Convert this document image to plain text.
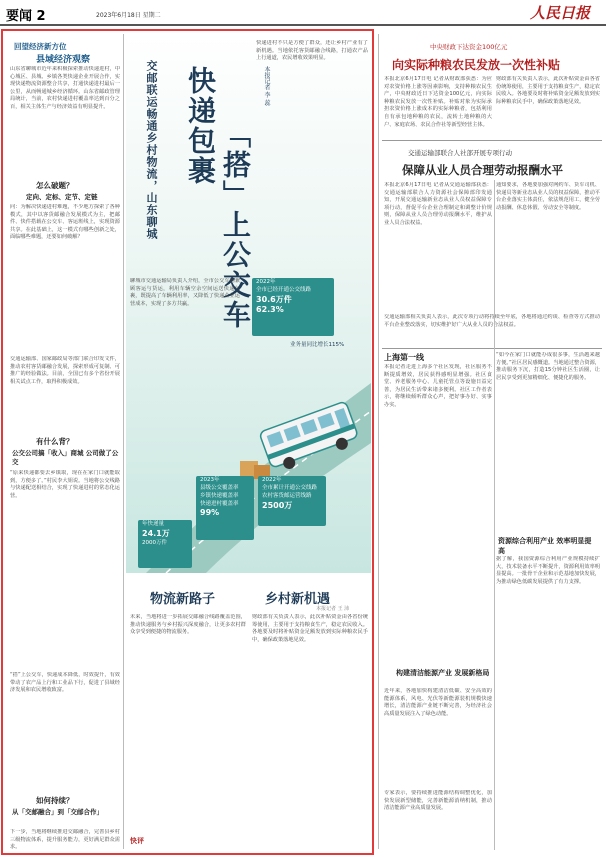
要闻 2	2023年6月18日 星期二	人民日报
回望经济新方位
县域经济观察
山东省聊城市近年来积极探索推动快递进村，中心城区、县城、乡镇各类快递企业开展合作，实现快递物流资源整合共享，打通快递进村最后一公里，从而畅通城乡经济循环。山东省邮政管理局统计，当前，农村快递进村覆盖率达到百分之百，相关主体生产与经济效益有明显提升。
怎么破题？
定向、定标、定节、定链
问：为解决快递进村难题，不少地方探索了各种模式，其中以客货邮融合发展模式为主，把邮件、快件搭载在公交车、客运班线上，实现资源共享。在此基础上，这一模式有哪些创新之处，面临哪些难题，还要如何破解？
交通运输部、国家邮政局等部门联合印发文件，推动农村客货邮融合发展，探索形成可复制、可推广的经验做法。目前，全国已有多个省份开展相关试点工作，取得积极成效。
有什么背？
公交公司搞「收入」商城 公司做了公交
“原来快递都要去乡镇取，现在在家门口就能取到，方便多了。”村民李大姐说。当地将公交线路与快递配送相结合，实现了快递进村的常态化运营。
“搭”上公交车，快递成本降低，时效提升，有效带动了农产品上行和工业品下行，促进了县域经济发展和农民增收致富。
如何持续？
从「交邮融合」到「交邮合作」
下一步，当地将继续推进交邮融合，完善县乡村三级物流体系，提升服务能力，更好满足群众需求。
快递包裹 「搭」上公交车
交邮联运畅通乡村物流，山东聊城	本报记者 李 蕊
快递进村不只是方便了群众，还让乡村产业有了新机遇。当地依托客货邮融合线路，打通农产品上行通道，农民增收效果明显。
聊城市交通运输局负责人介绍，全市公交车辆兼顾客运与货运，利用车辆空余空间运送快递包裹，既提高了车辆利用率，又降低了快递企业运营成本，实现了多方共赢。
2022年
全市已经开通公交线路
30.6万件
62.3%
业务量同比增长115%
2023年
县级公交覆盖率
乡镇快递覆盖率
快递进村覆盖率
99%
2022年
全市累计开通公交线路
农村客货邮运营线路
2500万
年快递量
24.1万
2000万件
物流新路子	乡村新机遇
本报记者 王 沛
未来，当地将进一步拓展交邮融合线路覆盖范围，推动快递服务与乡村振兴深度融合，让更多农村群众享受到便捷的物流服务。
财政部有关负责人表示，此次补贴资金由各省份统筹使用，主要用于支持粮食生产，稳定农民收入。各地要及时将补贴资金足额发放到实际种粮农民手中，确保政策落地见效。
快评
中央财政下达资金100亿元
向实际种粮农民发放一次性补贴
本报北京6月17日电 记者从财政部获悉：为应对农资价格上涨等因素影响，支持种粮农民生产，中央财政近日下达资金100亿元，向实际种粮农民发放一次性补贴。补贴对象为实际承担农资价格上涨成本的实际种粮者，包括利用自有承包地种粮的农民，流转土地种粮的大户、家庭农场、农民合作社等新型经营主体。
财政部有关负责人表示，此次补贴资金由各省份统筹使用，主要用于支持粮食生产，稳定农民收入。各地要及时将补贴资金足额发放到实际种粮农民手中，确保政策落地见效。
交通运输部联合人社部开展专项行动
保障从业人员合理劳动报酬水平
本报北京6月17日电 记者从交通运输部获悉：交通运输部联合人力资源社会保障部印发通知，开展交通运输新业态从业人员权益保障专项行动，督促平台企业合理制定和调整计价规则，保障从业人员合理劳动报酬水平，维护从业人员合法权益。
通知要求，各地要加强对网约车、货车司机、快递员等新业态从业人员的权益保障，推动平台企业落实主体责任，依法规范用工，健全劳动报酬、休息休假、劳动安全等制度。
交通运输部相关负责人表示，此次专项行动将持续至年底，各地将通过约谈、检查等方式推动平台企业整改落实，切实维护好广大从业人员的合法权益。
上海第一线
本报记者走进上海多个社区发现，社区服务不断提质增效，居民获得感明显增强。社区食堂、养老服务中心、儿童托管点等设施日益完善，为居民生活带来诸多便利。社区工作者表示，将继续倾听群众心声，把好事办好、实事办实。
“如今在家门口就能办成很多事，生活越来越方便。”社区居民感慨道。当地通过整合资源，推动服务下沉，打造15分钟社区生活圈，让居民享受到更加精细化、便捷化的服务。
资源综合利用产业 效率明显提高
据了解，我国资源综合利用产业规模持续扩大，技术装备水平不断提升，资源利用效率明显提高。一批骨干企业和示范基地加快发展，为推动绿色低碳发展提供了有力支撑。
构建清洁能源产业 发展新格局
近年来，各地加快构建清洁低碳、安全高效的能源体系，风电、光伏等新能源装机规模快速增长，清洁能源产业链不断完善，为经济社会高质量发展注入了绿色动能。
专家表示，要持续推进能源结构调整优化，加快发展新型储能，完善新能源消纳机制，推动清洁能源产业高质量发展。
